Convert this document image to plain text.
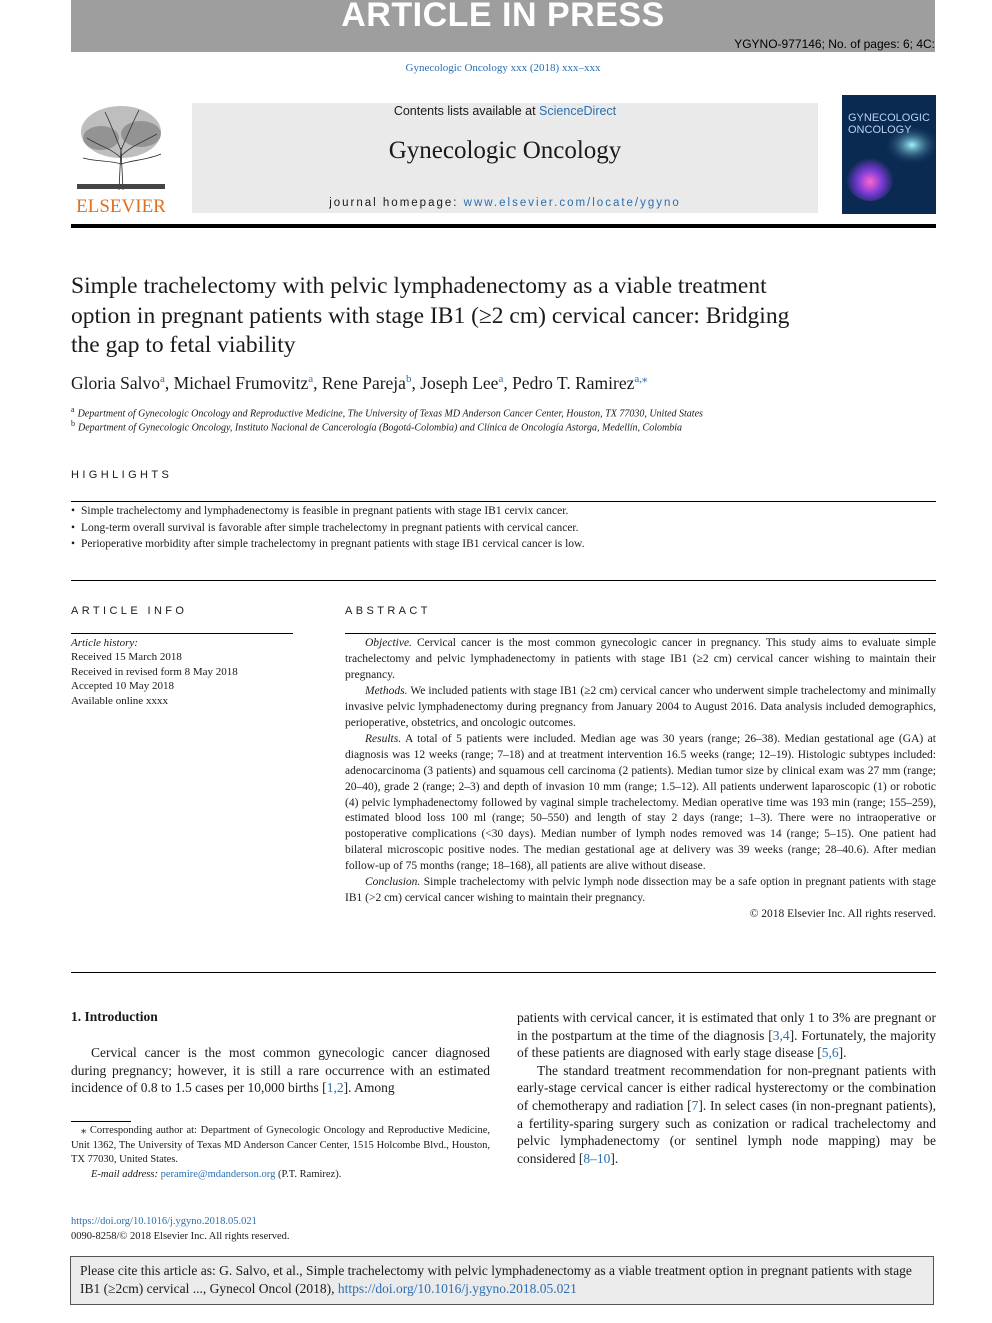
ARTICLE IN PRESS
YGYNO-977146; No. of pages: 6; 4C:
Gynecologic Oncology xxx (2018) xxx–xxx
ELSEVIER
Contents lists available at ScienceDirect
Gynecologic Oncology
journal homepage: www.elsevier.com/locate/ygyno
GYNECOLOGIC
ONCOLOGY
Simple trachelectomy with pelvic lymphadenectomy as a viable treatment option in pregnant patients with stage IB1 (≥2 cm) cervical cancer: Bridging the gap to fetal viability
Gloria Salvo$^a$, Michael Frumovitz$^a$, Rene Pareja$^b$, Joseph Lee$^a$, Pedro T. Ramirez$^{a,⁎}$
$^a$ Department of Gynecologic Oncology and Reproductive Medicine, The University of Texas MD Anderson Cancer Center, Houston, TX 77030, United States
$^b$ Department of Gynecologic Oncology, Instituto Nacional de Cancerología (Bogotá-Colombia) and Clínica de Oncología Astorga, Medellín, Colombia
HIGHLIGHTS
• Simple trachelectomy and lymphadenectomy is feasible in pregnant patients with stage IB1 cervix cancer.
• Long-term overall survival is favorable after simple trachelectomy in pregnant patients with cervical cancer.
• Perioperative morbidity after simple trachelectomy in pregnant patients with stage IB1 cervical cancer is low.
ARTICLE INFO
Article history:
Received 15 March 2018
Received in revised form 8 May 2018
Accepted 10 May 2018
Available online xxxx
ABSTRACT

Objective. Cervical cancer is the most common gynecologic cancer in pregnancy. This study aims to evaluate simple trachelectomy and pelvic lymphadenectomy in patients with stage IB1 (≥2 cm) cervical cancer wishing to maintain their pregnancy.

Methods. We included patients with stage IB1 (≥2 cm) cervical cancer who underwent simple trachelectomy and minimally invasive pelvic lymphadenectomy during pregnancy from January 2004 to August 2016. Data analysis included demographics, perioperative, obstetrics, and oncologic outcomes.

Results. A total of 5 patients were included. Median age was 30 years (range; 26–38). Median gestational age (GA) at diagnosis was 12 weeks (range; 7–18) and at treatment intervention 16.5 weeks (range; 12–19). Histologic subtypes included: adenocarcinoma (3 patients) and squamous cell carcinoma (2 patients). Median tumor size by clinical exam was 27 mm (range; 20–40), grade 2 (range; 2–3) and depth of invasion 10 mm (range; 1.5–12). All patients underwent laparoscopic (1) or robotic (4) pelvic lymphadenectomy followed by vaginal simple trachelectomy. Median operative time was 193 min (range; 155–259), estimated blood loss 100 ml (range; 50–550) and length of stay 2 days (range; 1–3). There were no intraoperative or postoperative complications (<30 days). Median number of lymph nodes removed was 14 (range; 5–15). One patient had bilateral microscopic positive nodes. The median gestational age at delivery was 39 weeks (range; 28–40.6). After median follow-up of 75 months (range; 18–168), all patients are alive without disease.

Conclusion. Simple trachelectomy with pelvic lymph node dissection may be a safe option in pregnant patients with stage IB1 (>2 cm) cervical cancer wishing to maintain their pregnancy.

© 2018 Elsevier Inc. All rights reserved.

1. Introduction

Cervical cancer is the most common gynecologic cancer diagnosed during pregnancy; however, it is still a rare occurrence with an estimated incidence of 0.8 to 1.5 cases per 10,000 births [1,2]. Among

patients with cervical cancer, it is estimated that only 1 to 3% are pregnant or in the postpartum at the time of the diagnosis [3,4]. Fortunately, the majority of these patients are diagnosed with early stage disease [5,6].

The standard treatment recommendation for non-pregnant patients with early-stage cervical cancer is either radical hysterectomy or the combination of chemotherapy and radiation [7]. In select cases (in non-pregnant patients), a fertility-sparing surgery such as conization or radical trachelectomy and pelvic lymphadenectomy (or sentinel lymph node mapping) may be considered [8–10].

⁎ Corresponding author at: Department of Gynecologic Oncology and Reproductive Medicine, Unit 1362, The University of Texas MD Anderson Cancer Center, 1515 Holcombe Blvd., Houston, TX 77030, United States.
E-mail address: peramire@mdanderson.org (P.T. Ramirez).
https://doi.org/10.1016/j.ygyno.2018.05.021
0090-8258/© 2018 Elsevier Inc. All rights reserved.
Please cite this article as: G. Salvo, et al., Simple trachelectomy with pelvic lymphadenectomy as a viable treatment option in pregnant patients with stage IB1 (≥2cm) cervical ..., Gynecol Oncol (2018), https://doi.org/10.1016/j.ygyno.2018.05.021
